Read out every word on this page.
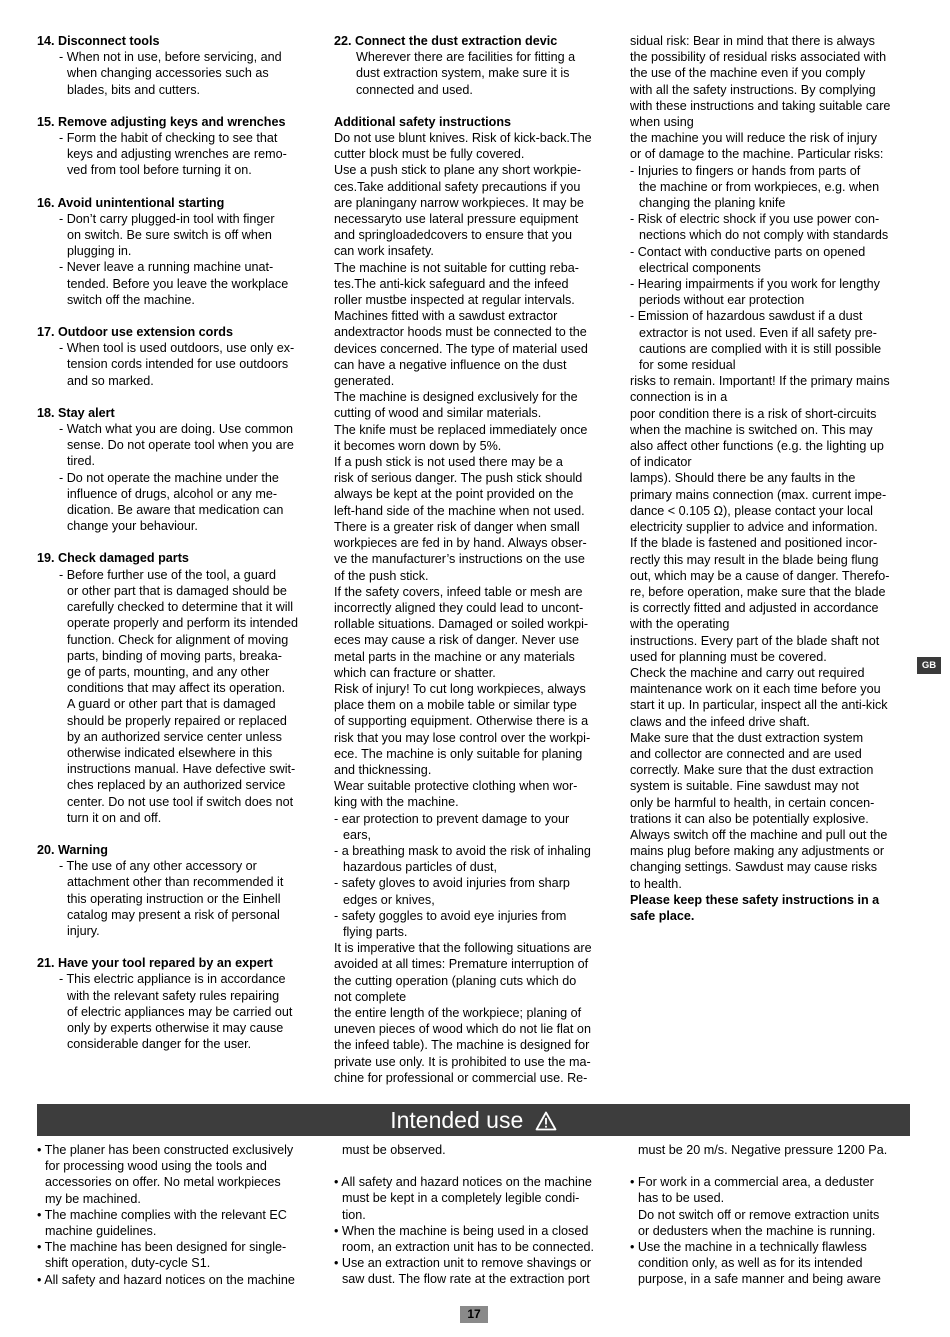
14. Disconnect tools
- When not in use, before servicing, and
when changing accessories such as
blades, bits and cutters.
15. Remove adjusting keys and wrenches
- Form the habit of checking to see that
keys and adjusting wrenches are remo-
ved from tool before turning it on.
16. Avoid unintentional starting
- Don’t carry plugged-in tool with finger
on switch. Be sure switch is off when
plugging in.
- Never leave a running machine unat-
tended. Before you leave the workplace
switch off the machine.
17. Outdoor use extension cords
- When tool is used outdoors, use only ex-
tension cords intended for use outdoors
and so marked.
18. Stay alert
- Watch what you are doing. Use common
sense. Do not operate tool when you are
tired.
- Do not operate the machine under the
influence of drugs, alcohol or any me-
dication. Be aware that medication can
change your behaviour.
19. Check damaged parts
- Before further use of the tool, a guard
or other part that is damaged should be
carefully checked to determine that it will
operate properly and perform its intended
function. Check for alignment of moving
parts, binding of moving parts, breaka-
ge of parts, mounting, and any other
conditions that may affect its operation.
A guard or other part that is damaged
should be properly repaired or replaced
by an authorized service center unless
otherwise indicated elsewhere in this
instructions manual. Have defective swit-
ches replaced by an authorized service
center. Do not use tool if switch does not
turn it on and off.
20. Warning
- The use of any other accessory or
attachment other than recommended it
this operating instruction or the Einhell
catalog may present a risk of personal
injury.
21. Have your tool repared by an expert
- This electric appliance is in accordance
with the relevant safety rules repairing
of electric appliances may be carried out
only by experts otherwise it may cause
considerable danger for the user.
22. Connect the dust extraction devic
Wherever there are facilities for fitting a
dust extraction system, make sure it is
connected and used.
Additional safety instructions
Do not use blunt knives. Risk of kick-back.The
cutter block must be fully covered.
Use a push stick to plane any short workpie-
ces.Take additional safety precautions if you
are planingany narrow workpieces. It may be
necessaryto use lateral pressure equipment
and springloadedcovers to ensure that you
can work insafety.
The machine is not suitable for cutting reba-
tes.The anti-kick safeguard and the infeed
roller mustbe inspected at regular intervals.
Machines fitted with a sawdust extractor
andextractor hoods must be connected to the
devices concerned. The type of material used
can have a negative influence on the dust
generated.
The machine is designed exclusively for the
cutting of wood and similar materials.
The knife must be replaced immediately once
it becomes worn down by 5%.
If a push stick is not used there may be a
risk of serious danger. The push stick should
always be kept at the point provided on the
left-hand side of the machine when not used.
There is a greater risk of danger when small
workpieces are fed in by hand. Always obser-
ve the manufacturer’s instructions on the use
of the push stick.
If the safety covers, infeed table or mesh are
incorrectly aligned they could lead to uncont-
rollable situations. Damaged or soiled workpi-
eces may cause a risk of danger. Never use
metal parts in the machine or any materials
which can fracture or shatter.
Risk of injury! To cut long workpieces, always
place them on a mobile table or similar type
of supporting equipment. Otherwise there is a
risk that you may lose control over the workpi-
ece. The machine is only suitable for planing
and thicknessing.
Wear suitable protective clothing when wor-
king with the machine.
- ear protection to prevent damage to your
ears,
- a breathing mask to avoid the risk of inhaling
hazardous particles of dust,
- safety gloves to avoid injuries from sharp
edges or knives,
- safety goggles to avoid eye injuries from
flying parts.
It is imperative that the following situations are
avoided at all times: Premature interruption of
the cutting operation (planing cuts which do
not complete
the entire length of the workpiece; planing of
uneven pieces of wood which do not lie flat on
the infeed table). The machine is designed for
private use only. It is prohibited to use the ma-
chine for professional or commercial use. Re-
sidual risk: Bear in mind that there is always
the possibility of residual risks associated with
the use of the machine even if you comply
with all the safety instructions. By complying
with these instructions and taking suitable care
when using
the machine you will reduce the risk of injury
or of damage to the machine. Particular risks:
- Injuries to fingers or hands from parts of
the machine or from workpieces, e.g. when
changing the planing knife
- Risk of electric shock if you use power con-
nections which do not comply with standards
- Contact with conductive parts on opened
electrical components
- Hearing impairments if you work for lengthy
periods without ear protection
- Emission of hazardous sawdust if a dust
extractor is not used. Even if all safety pre-
cautions are complied with it is still possible
for some residual
risks to remain. Important! If the primary mains
connection is in a
poor condition there is a risk of short-circuits
when the machine is switched on. This may
also affect other functions (e.g. the lighting up
of indicator
lamps). Should there be any faults in the
primary mains connection (max. current impe-
dance < 0.105 Ω), please contact your local
electricity supplier to advice and information.
If the blade is fastened and positioned incor-
rectly this may result in the blade being flung
out, which may be a cause of danger. Therefo-
re, before operation, make sure that the blade
is correctly fitted and adjusted in accordance
with the operating
instructions. Every part of the blade shaft not
used for planning must be covered.
Check the machine and carry out required
maintenance work on it each time before you
start it up. In particular, inspect all the anti-kick
claws and the infeed drive shaft.
Make sure that the dust extraction system
and collector are connected and are used
correctly. Make sure that the dust extraction
system is suitable. Fine sawdust may not
only be harmful to health, in certain concen-
trations it can also be potentially explosive.
Always switch off the machine and pull out the
mains plug before making any adjustments or
changing settings. Sawdust may cause risks
to health.
Please keep these safety instructions in a
safe place.
GB
Intended use
• The planer has been constructed exclusively
for processing wood using the tools and
accessories on offer. No metal workpieces
my be machined.
• The machine complies with the relevant EC
machine guidelines.
• The machine has been designed for single-
shift operation, duty-cycle S1.
• All safety and hazard notices on the machine
must be observed.
• All safety and hazard notices on the machine
must be kept in a completely legible condi-
tion.
• When the machine is being used in a closed
room, an extraction unit has to be connected.
• Use an extraction unit to remove shavings or
saw dust. The flow rate at the extraction port
must be 20 m/s. Negative pressure 1200 Pa.
• For work in a commercial area, a deduster
has to be used.
Do not switch off or remove extraction units
or dedusters when the machine is running.
• Use the machine in a technically flawless
condition only, as well as for its intended
purpose, in a safe manner and being aware
17
